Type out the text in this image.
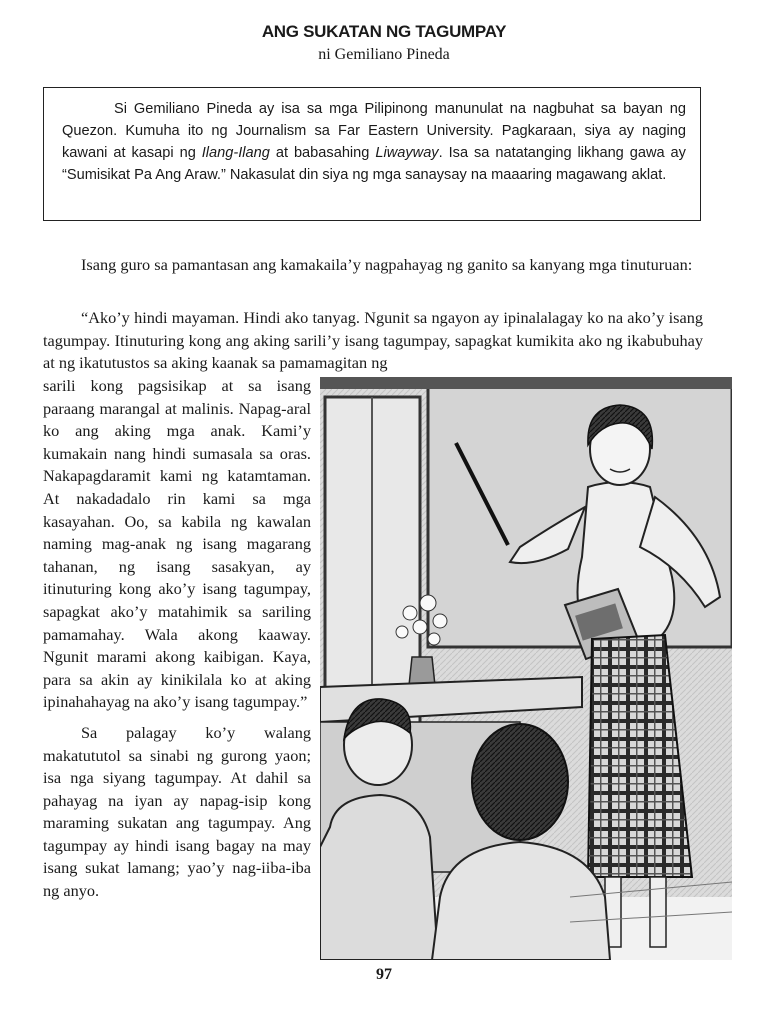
ANG SUKATAN NG TAGUMPAY
ni Gemiliano Pineda
Si Gemiliano Pineda ay isa sa mga Pilipinong manunulat na nagbuhat sa bayan ng Quezon. Kumuha ito ng Journalism sa Far Eastern University. Pagkaraan, siya ay naging kawani at kasapi ng Ilang-Ilang at babasahing Liwayway. Isa sa natatanging likhang gawa ay “Sumisikat Pa Ang Araw.” Nakasulat din siya ng mga sanaysay na maaaring magawang aklat.
Isang guro sa pamantasan ang kamakaila’y nagpahayag ng ganito sa kanyang mga tinuturuan:
“Ako’y hindi mayaman. Hindi ako tanyag. Ngunit sa ngayon ay ipinalalagay ko na ako’y isang tagumpay. Itinuturing kong ang aking sarili’y isang tagumpay, sapagkat kumikita ako ng ikabubuhay at ng ikatutustos sa aking kaanak sa pamamagitan ng

sarili kong pagsisikap at sa isang paraang marangal at malinis. Napag-aral ko ang aking mga anak. Kami’y kumakain nang hindi sumasala sa oras. Nakapagdaramit kami ng katamtaman. At nakadadalo rin kami sa mga kasayahan. Oo, sa kabila ng kawalan naming mag-anak ng isang magarang tahanan, ng isang sasakyan, ay itinuturing kong ako’y isang tagumpay, sapagkat ako’y matahimik sa sariling pamamahay. Wala akong kaaway. Ngunit marami akong kaibigan. Kaya, para sa akin ay kinikilala ko at aking ipinahahayag na ako’y isang tagumpay.”

Sa palagay ko’y walang makatututol sa sinabi ng gurong yaon; isa nga siyang tagumpay. At dahil sa pahayag na iyan ay napag-isip kong maraming sukatan ang tagumpay. Ang tagumpay ay hindi isang bagay na may isang sukat lamang; yao’y nag-iiba-iba ng anyo.

97
